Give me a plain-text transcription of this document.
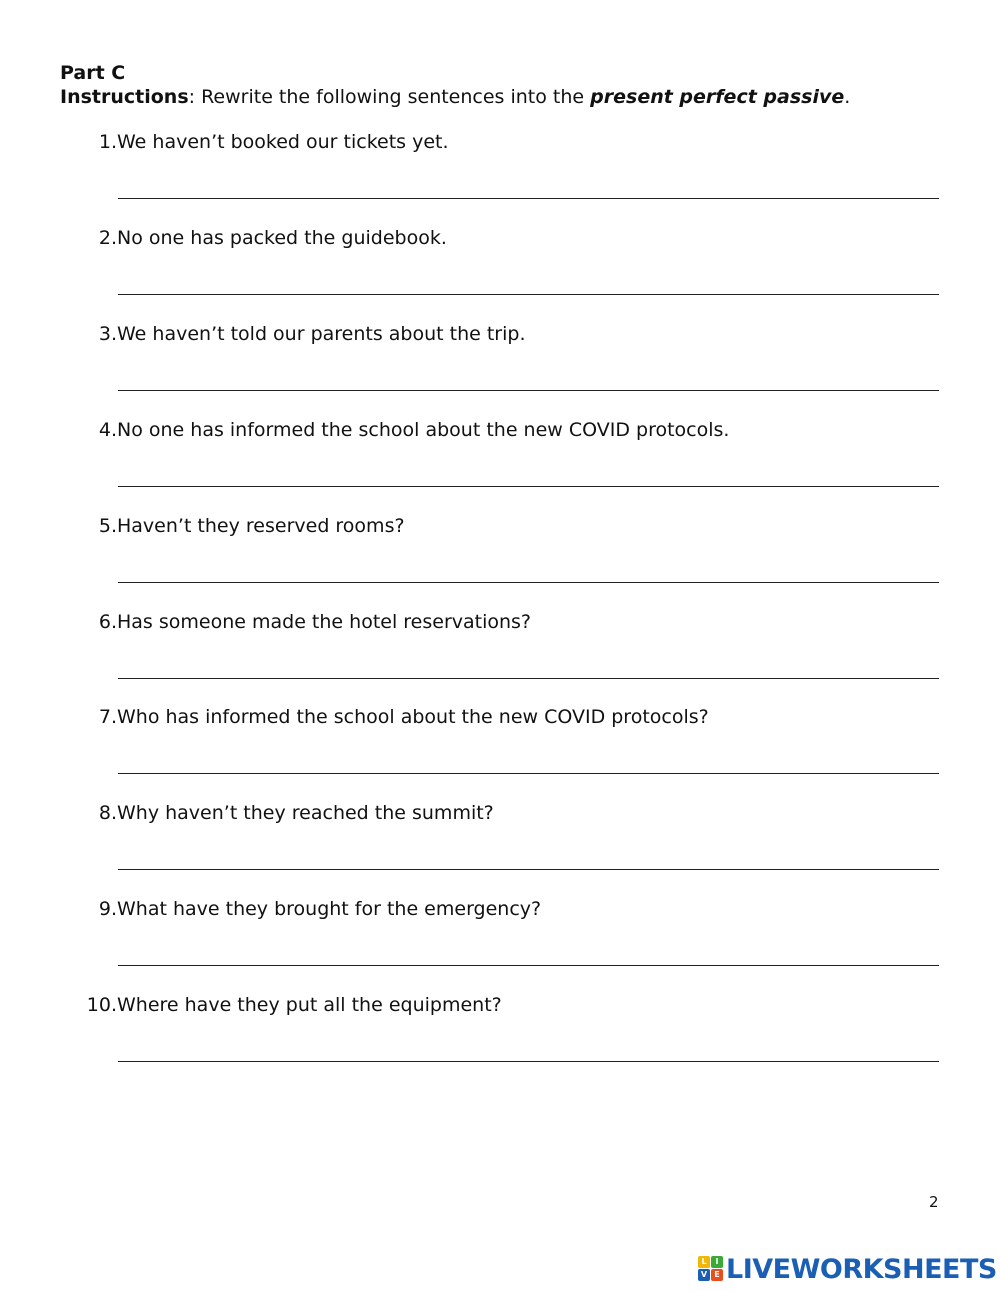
Part C
Instructions: Rewrite the following sentences into the present perfect passive.
1. We haven’t booked our tickets yet.
2. No one has packed the guidebook.
3. We haven’t told our parents about the trip.
4. No one has informed the school about the new COVID protocols.
5. Haven’t they reserved rooms?
6. Has someone made the hotel reservations?
7. Who has informed the school about the new COVID protocols?
8. Why haven’t they reached the summit?
9. What have they brought for the emergency?
10. Where have they put all the equipment?
2
L	I
V E LIVEWORKSHEETS
